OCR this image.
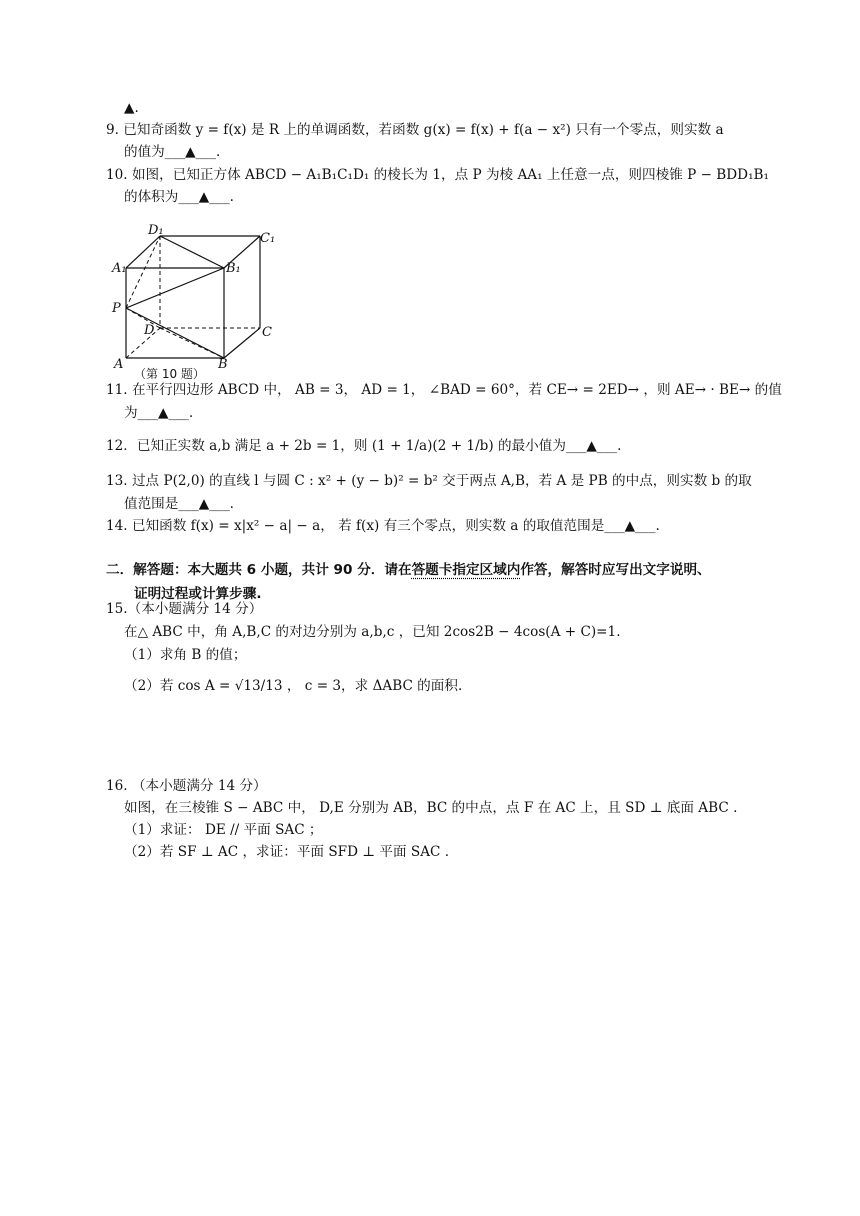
▲.
9. 已知奇函数 y = f(x) 是 R 上的单调函数，若函数 g(x) = f(x) + f(a − x²) 只有一个零点，则实数 a
的值为___▲___.
10. 如图，已知正方体 ABCD − A₁B₁C₁D₁ 的棱长为 1，点 P 为棱 AA₁ 上任意一点，则四棱锥 P − BDD₁B₁
的体积为___▲___.
D₁
C₁
A₁	B₁
P
D	C
A	B
（第 10 题）
11. 在平行四边形 ABCD 中， AB = 3， AD = 1， ∠BAD = 60°，若 CE→ = 2ED→ ，则 AE→ · BE→ 的值
为___▲___.
12．已知正实数 a,b 满足 a + 2b = 1，则 (1 + 1/a)(2 + 1/b) 的最小值为___▲___.
13. 过点 P(2,0) 的直线 l 与圆 C : x² + (y − b)² = b² 交于两点 A,B，若 A 是 PB 的中点，则实数 b 的取
值范围是___▲___.
14. 已知函数 f(x) = x|x² − a| − a， 若 f(x) 有三个零点，则实数 a 的取值范围是___▲___.
二．解答题：本大题共 6 小题，共计 90 分．请在答题卡指定区域内作答，解答时应写出文字说明、
证明过程或计算步骤.
15.（本小题满分 14 分）
在△ ABC 中，角 A,B,C 的对边分别为 a,b,c ，已知 2cos2B − 4cos(A + C)=1.
（1）求角 B 的值；
（2）若 cos A = √13/13 ， c = 3，求 ΔABC 的面积.
16. （本小题满分 14 分）
如图，在三棱锥 S − ABC 中， D,E 分别为 AB，BC 的中点，点 F 在 AC 上，且 SD ⊥ 底面 ABC .
（1）求证： DE // 平面 SAC ；
（2）若 SF ⊥ AC ，求证：平面 SFD ⊥ 平面 SAC .
